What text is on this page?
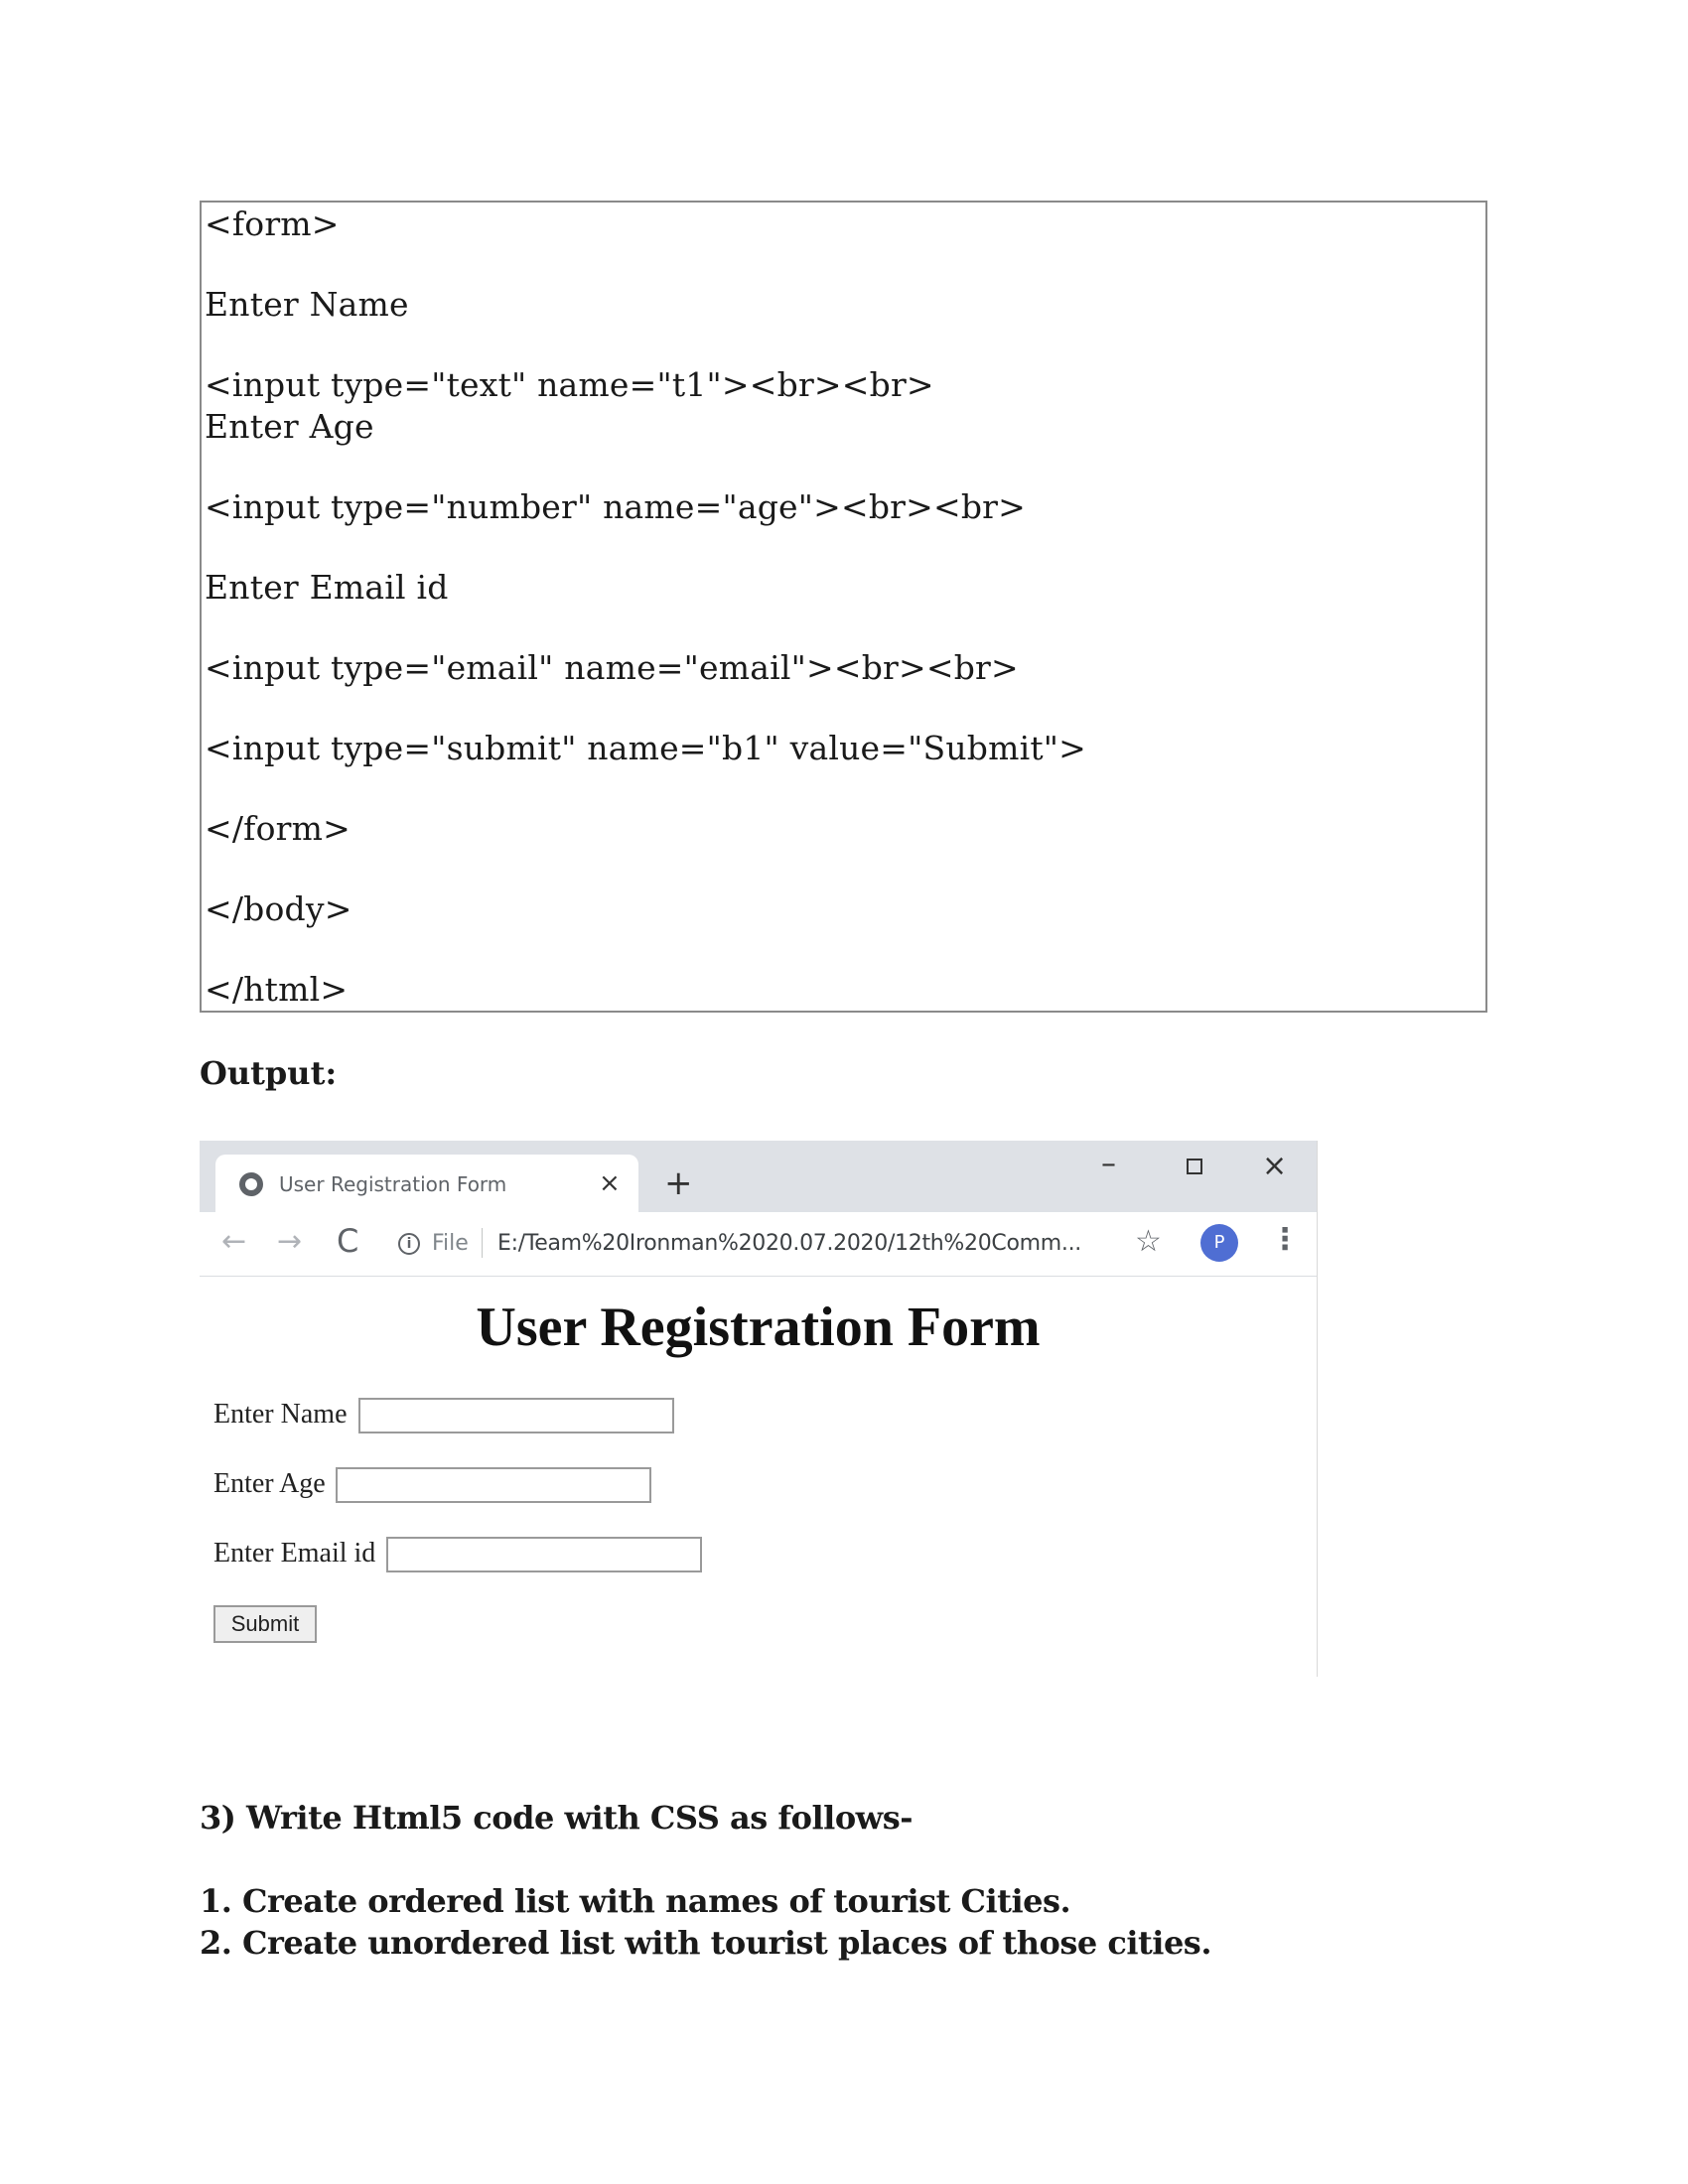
<form>
Enter Name
<input type="text" name="t1"><br><br>
Enter Age
<input type="number" name="age"><br><br>
Enter Email id
<input type="email" name="email"><br><br>
<input type="submit" name="b1" value="Submit">
</form>
</body>
</html>
Output:
User Registration Form	× +	–	×
← → C	i File E:/Team%20Ironman%2020.07.2020/12th%20Comm... ☆	P	⋮
User Registration Form
Enter Name
Enter Age
Enter Email id
Submit
3) Write Html5 code with CSS as follows-
1. Create ordered list with names of tourist Cities.
2. Create unordered list with tourist places of those cities.
